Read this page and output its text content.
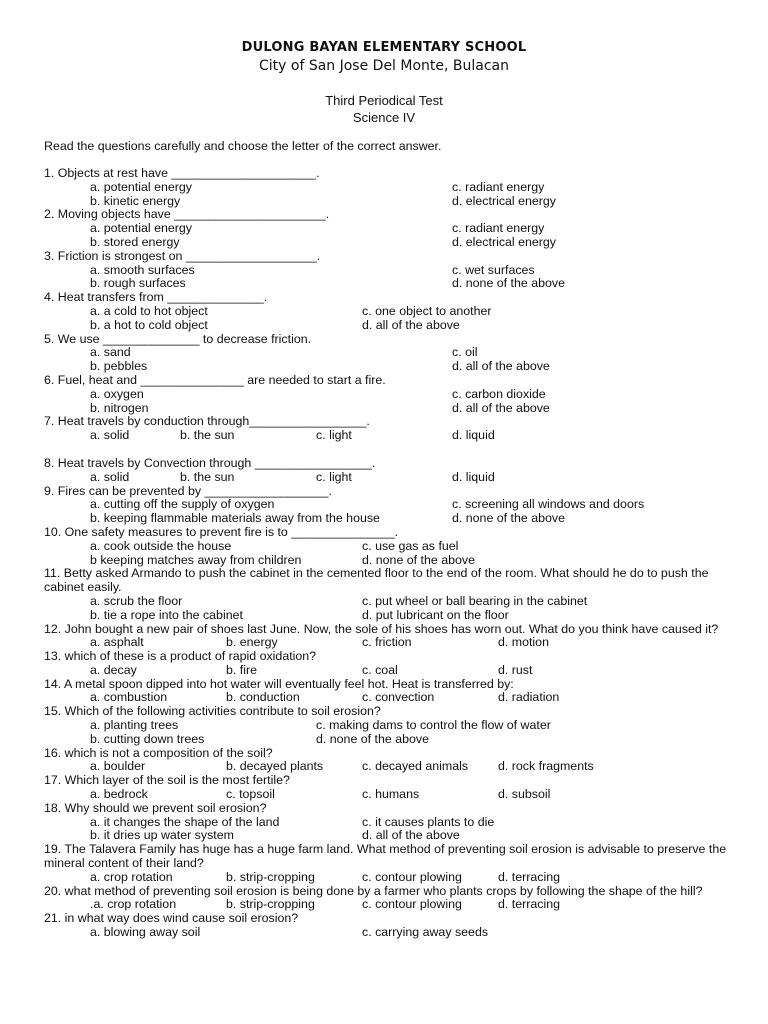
DULONG BAYAN ELEMENTARY SCHOOL
City of San Jose Del Monte, Bulacan
Third Periodical Test
Science IV
Read the questions carefully and choose the letter of the correct answer.

1. Objects at rest have _____________________.

a. potential energy	c. radiant energy
b. kinetic energy	d. electrical energy

2. Moving objects have ______________________.

a. potential energy	c. radiant energy
b. stored energy	d. electrical energy

3. Friction is strongest on ___________________.

a. smooth surfaces	c. wet surfaces
b. rough surfaces	d. none of the above

4. Heat transfers from ______________.

a. a cold to hot object	c. one object to another
b. a hot to cold object	d. all of the above

5. We use ______________ to decrease friction.

a. sand	c. oil
b. pebbles	d. all of the above

6. Fuel, heat and _______________ are needed to start a fire.

a. oxygen	c. carbon dioxide
b. nitrogen	d. all of the above

7. Heat travels by conduction through_________________.

a. solid	b. the sun	c. light	d. liquid

8. Heat travels by Convection through _________________.

a. solid	b. the sun	c. light	d. liquid

9. Fires can be prevented by __________________.

a. cutting off the supply of oxygen	c. screening all windows and doors
b. keeping flammable materials away from the house	d. none of the above

10. One safety measures to prevent fire is to _______________.

a. cook outside the house	c. use gas as fuel
b keeping matches away from children	d. none of the above

11. Betty asked Armando to push the cabinet in the cemented floor to the end of the room. What should he do to push the cabinet easily.

a. scrub the floor	c. put wheel or ball bearing in the cabinet
b. tie a rope into the cabinet	d. put lubricant on the floor

12. John bought a new pair of shoes last June. Now, the sole of his shoes has worn out. What do you think have caused it?

a. asphalt	b. energy	c. friction	d. motion

13. which of these is a product of rapid oxidation?

a. decay	b. fire	c. coal	d. rust

14. A metal spoon dipped into hot water will eventually feel hot. Heat is transferred by:

a. combustion	b. conduction	c. convection	d. radiation

15. Which of the following activities contribute to soil erosion?

a. planting trees	c. making dams to control the flow of water
b. cutting down trees	d. none of the above

16. which is not a composition of the soil?

a. boulder	b. decayed plants	c. decayed animals	d. rock fragments

17. Which layer of the soil is the most fertile?

a. bedrock	c. topsoil	c. humans	d. subsoil

18. Why should we prevent soil erosion?

a. it changes the shape of the land	c. it causes plants to die
b. it dries up water system	d. all of the above

19. The Talavera Family has huge has a huge farm land. What method of preventing soil erosion is advisable to preserve the mineral content of their land?

a. crop rotation	b. strip-cropping	c. contour plowing	d. terracing

20. what method of preventing soil erosion is being done by a farmer who plants crops by following the shape of the hill?

.a. crop rotation	b. strip-cropping	c. contour plowing	d. terracing

21. in what way does wind cause soil erosion?

a. blowing away soil	c. carrying away seeds
